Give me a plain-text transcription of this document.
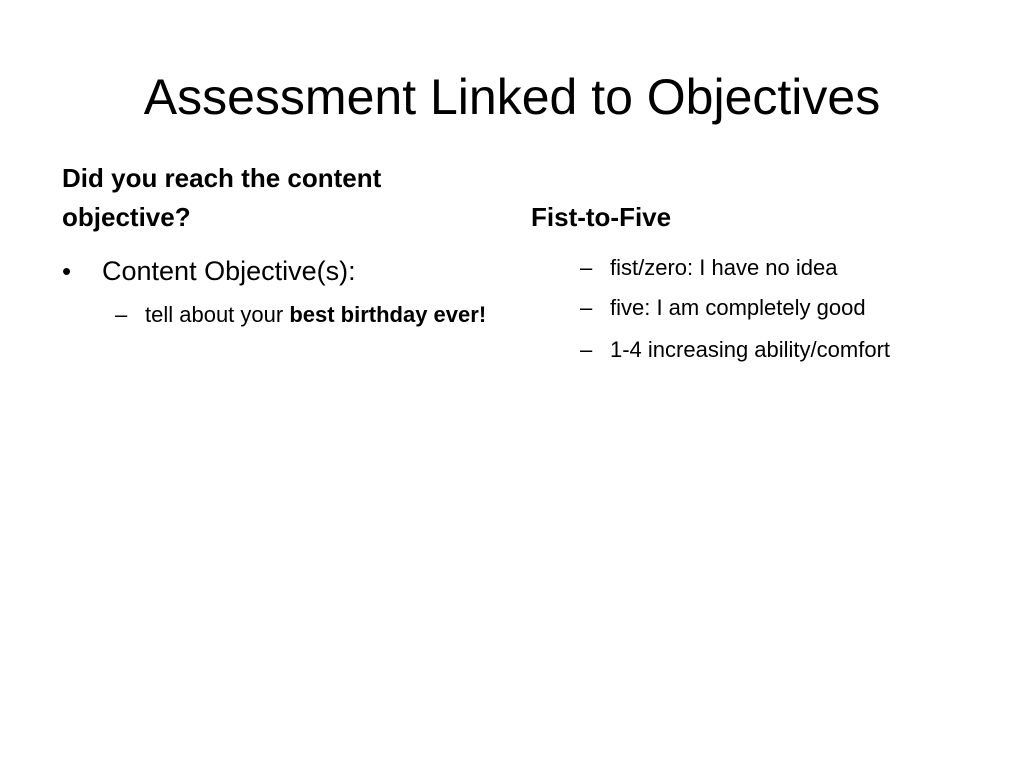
Assessment Linked to Objectives
Did you reach the content objective?
•	Content Objective(s):
– tell about your best birthday ever!
Fist-to-Five
– fist/zero: I have no idea
– five: I am completely good
– 1-4 increasing ability/comfort
